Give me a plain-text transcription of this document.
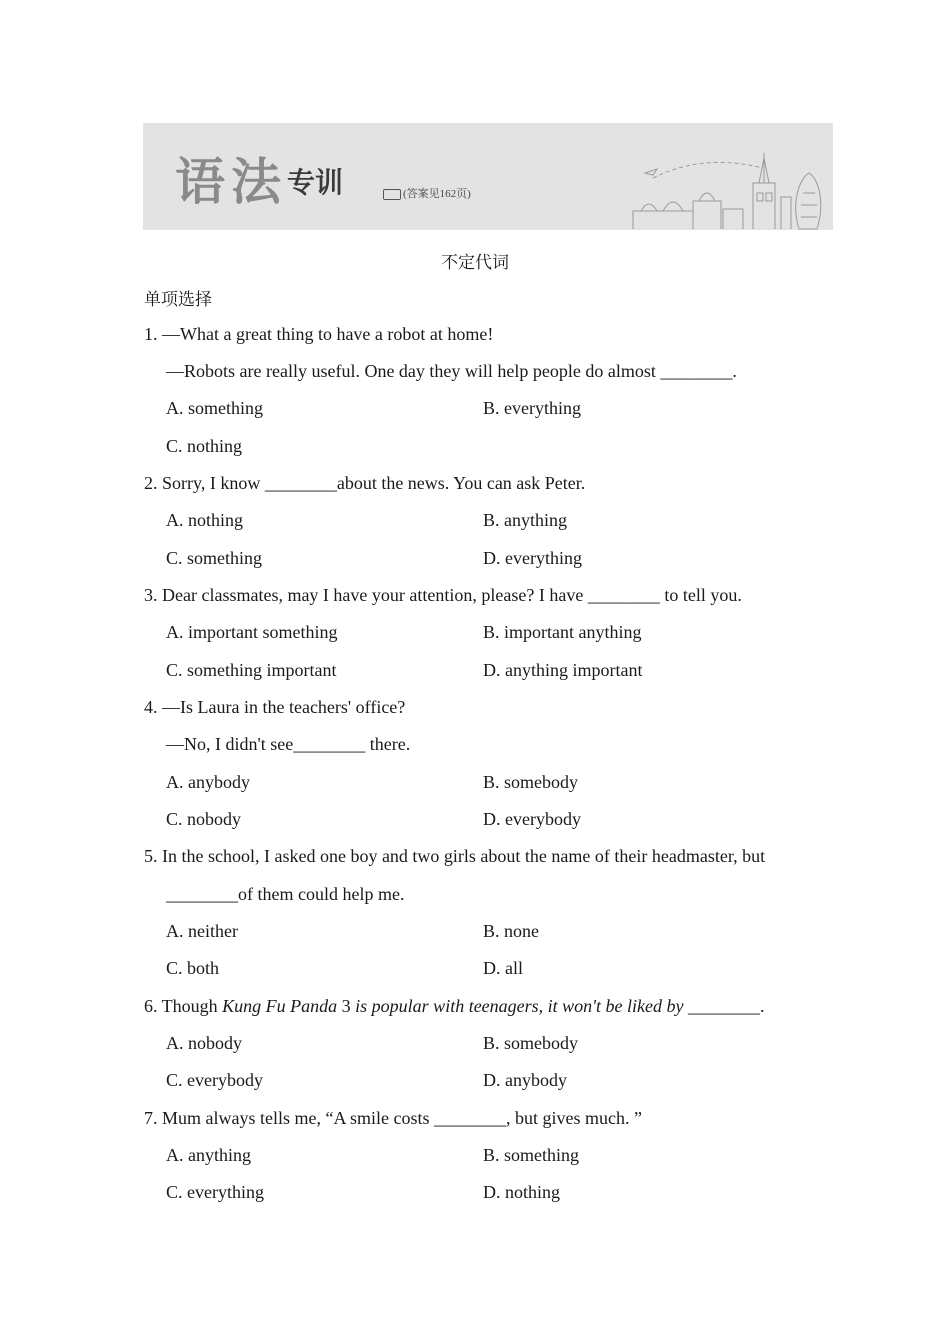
语法 专训	(答案见162页)
不定代词
单项选择
1. —What a great thing to have a robot at home!
—Robots are really useful. One day they will help people do almost ________.
A. something	B. everything
C. nothing
2. Sorry, I know ________about the news. You can ask Peter.
A. nothing	B. anything
C. something	D. everything
3. Dear classmates, may I have your attention, please? I have ________ to tell you.
A. important something	B. important anything
C. something important	D. anything important
4. —Is Laura in the teachers' office?
—No, I didn't see________ there.
A. anybody	B. somebody
C. nobody	D. everybody
5. In the school, I asked one boy and two girls about the name of their headmaster, but
________of them could help me.
A. neither	B. none
C. both	D. all
6. Though Kung Fu Panda 3 is popular with teenagers, it won't be liked by ________.
A. nobody	B. somebody
C. everybody	D. anybody
7. Mum always tells me, “A smile costs ________, but gives much. ”
A. anything	B. something
C. everything	D. nothing
